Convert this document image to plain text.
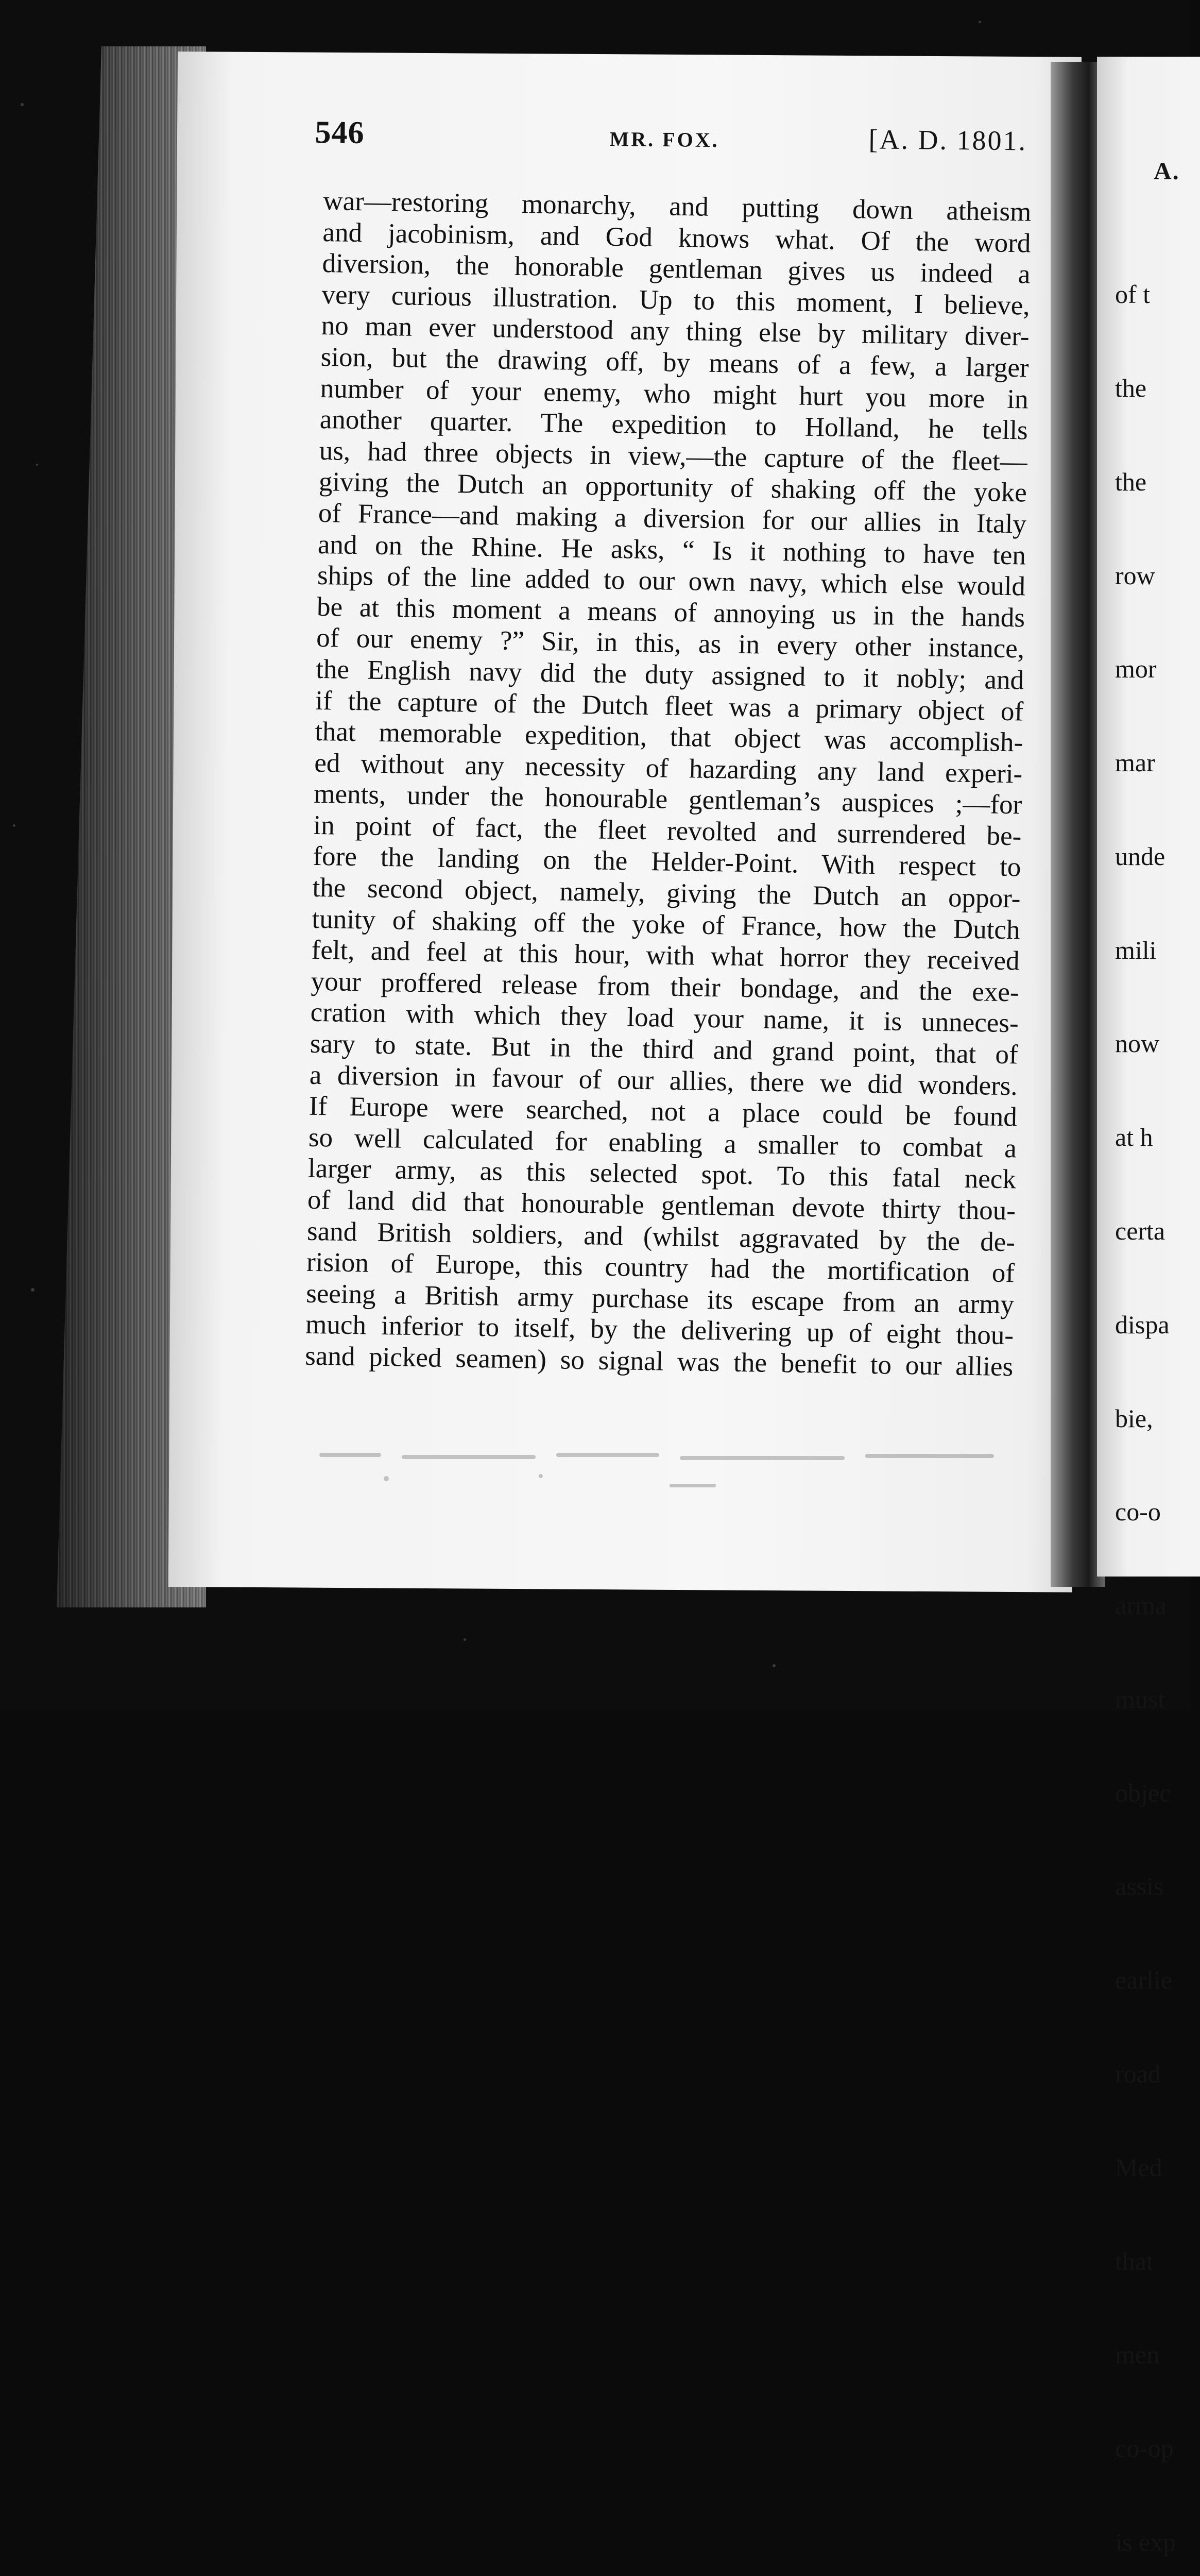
A.

of t

the

the

row

mor

mar

unde

mili

now

at h

certa

dispa

bie,

co-o

arma

must

objec

assis

earlie

road

Med

that

men

co-op

is exp

546	MR. FOX.	[A. D. 1801.
war—restoring monarchy, and putting down atheism
and jacobinism, and God knows what. Of the word
diversion, the honorable gentleman gives us indeed a
very curious illustration. Up to this moment, I believe,
no man ever understood any thing else by military diver-
sion, but the drawing off, by means of a few, a larger
number of your enemy, who might hurt you more in
another quarter. The expedition to Holland, he tells
us, had three objects in view,—the capture of the fleet—
giving the Dutch an opportunity of shaking off the yoke
of France—and making a diversion for our allies in Italy
and on the Rhine. He asks, “ Is it nothing to have ten
ships of the line added to our own navy, which else would
be at this moment a means of annoying us in the hands
of our enemy ?” Sir, in this, as in every other instance,
the English navy did the duty assigned to it nobly; and
if the capture of the Dutch fleet was a primary object of
that memorable expedition, that object was accomplish-
ed without any necessity of hazarding any land experi-
ments, under the honourable gentleman’s auspices ;—for
in point of fact, the fleet revolted and surrendered be-
fore the landing on the Helder-Point. With respect to
the second object, namely, giving the Dutch an oppor-
tunity of shaking off the yoke of France, how the Dutch
felt, and feel at this hour, with what horror they received
your proffered release from their bondage, and the exe-
cration with which they load your name, it is unneces-
sary to state. But in the third and grand point, that of
a diversion in favour of our allies, there we did wonders.
If Europe were searched, not a place could be found
so well calculated for enabling a smaller to combat a
larger army, as this selected spot. To this fatal neck
of land did that honourable gentleman devote thirty thou-
sand British soldiers, and (whilst aggravated by the de-
rision of Europe, this country had the mortification of
seeing a British army purchase its escape from an army
much inferior to itself, by the delivering up of eight thou-
sand picked seamen) so signal was the benefit to our allies
